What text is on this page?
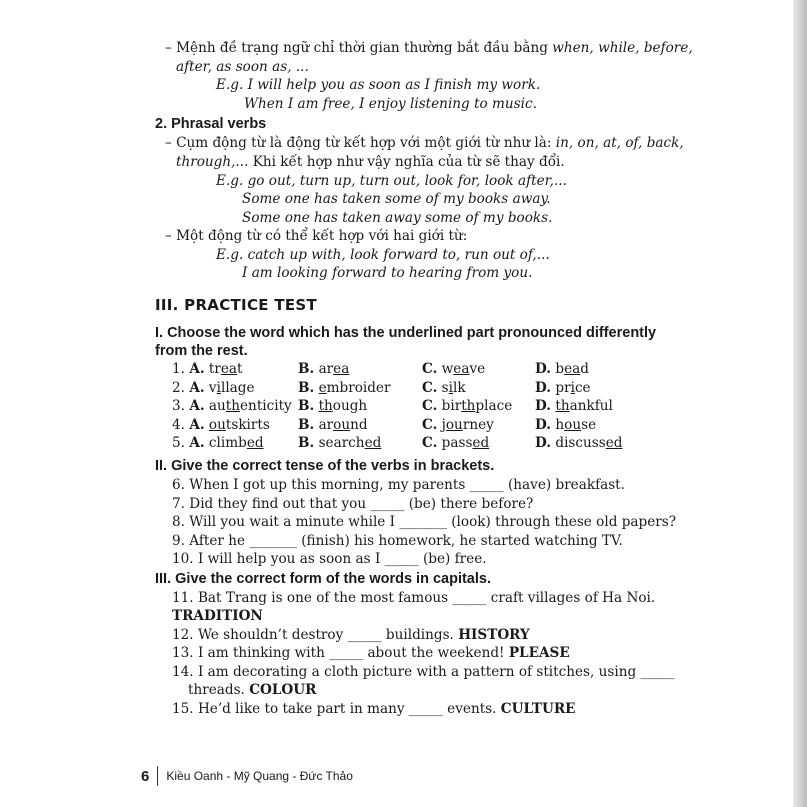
– Mệnh đề trạng ngữ chỉ thời gian thường bắt đầu bằng when, while, before,
after, as soon as, ...
E.g. I will help you as soon as I finish my work.
When I am free, I enjoy listening to music.
2. Phrasal verbs
– Cụm động từ là động từ kết hợp với một giới từ như là: in, on, at, of, back,
through,... Khi kết hợp như vậy nghĩa của từ sẽ thay đổi.
E.g. go out, turn up, turn out, look for, look after,...
Some one has taken some of my books away.
Some one has taken away some of my books.
– Một động từ có thể kết hợp với hai giới từ:
E.g. catch up with, look forward to, run out of,...
I am looking forward to hearing from you.
III. PRACTICE TEST
I. Choose the word which has the underlined part pronounced differently
from the rest.
1. A. treat	B. area	C. weave	D. bead
2. A. village	B. embroider C. silk	D. price
3. A. authenticity B. though	C. birthplace D. thankful
4. A. outskirts B. around	C. journey	D. house
5. A. climbed	B. searched	C. passed	D. discussed
II. Give the correct tense of the verbs in brackets.
6. When I got up this morning, my parents _____ (have) breakfast.
7. Did they find out that you _____ (be) there before?
8. Will you wait a minute while I _______ (look) through these old papers?
9. After he _______ (finish) his homework, he started watching TV.
10. I will help you as soon as I _____ (be) free.
III. Give the correct form of the words in capitals.
11. Bat Trang is one of the most famous _____ craft villages of Ha Noi.
TRADITION
12. We shouldn’t destroy _____ buildings. HISTORY
13. I am thinking with _____ about the weekend! PLEASE
14. I am decorating a cloth picture with a pattern of stitches, using _____
threads. COLOUR
15. He’d like to take part in many _____ events. CULTURE
6 Kiều Oanh - Mỹ Quang - Đức Thảo
